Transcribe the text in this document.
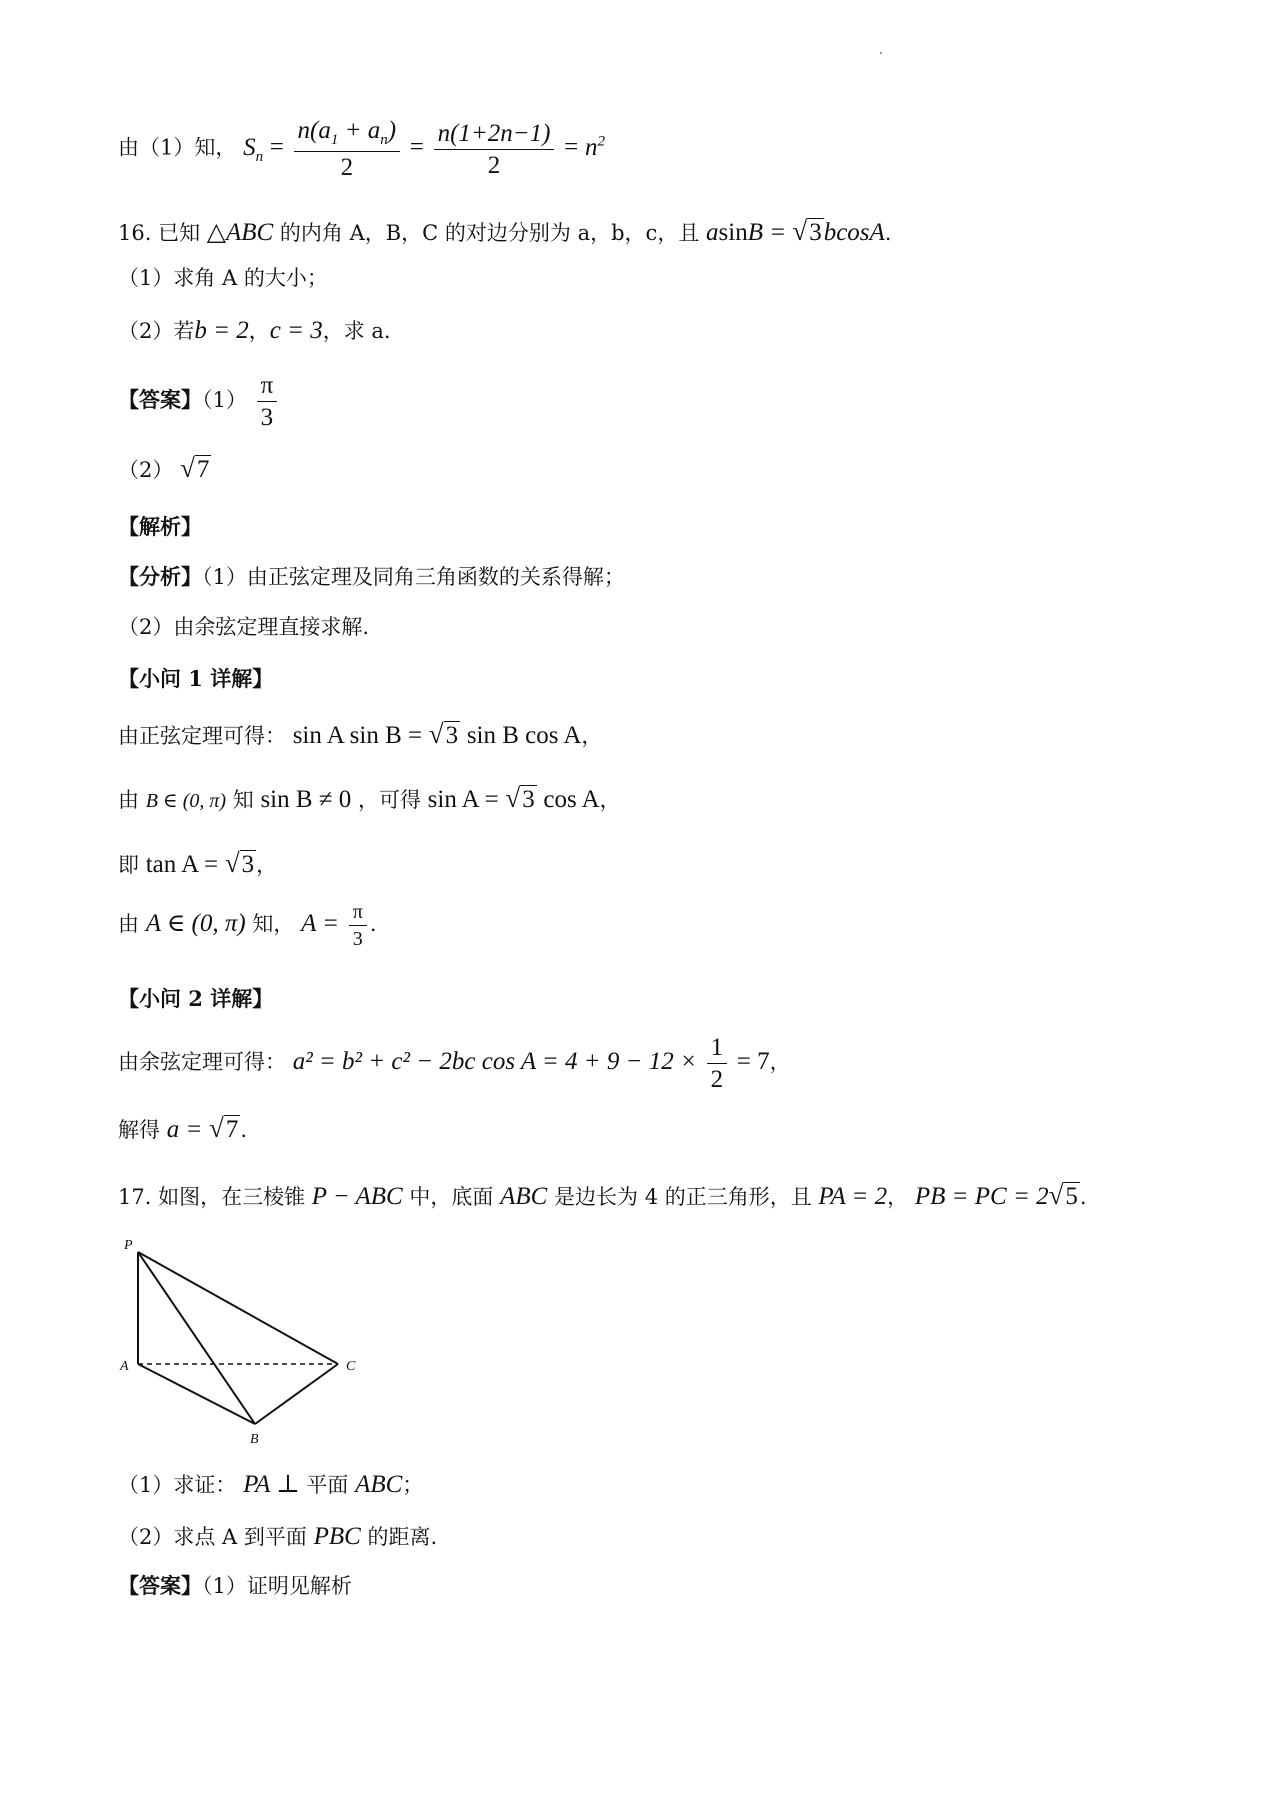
由（1）知， $S_n = \frac{n(a_1 + a_n)}{2} = \frac{n(1+2n-1)}{2} = n^2$
16. 已知 △ABC 的内角 A，B，C 的对边分别为 a，b，c，且 asinB = √3bcosA.
（1）求角 A 的大小；
（2）若b = 2，c = 3，求 a.
【答案】$(1) \frac{\pi}{3}$
（2） √7
【解析】
【分析】（1）由正弦定理及同角三角函数的关系得解；
（2）由余弦定理直接求解.
【小问 1 详解】
由正弦定理可得： sin A sin B = √3 sin B cos A，
由 B ∈ (0, π) 知 sin B ≠ 0 ，可得 sin A = √3 cos A，
即 tan A = √3，
由 A ∈ (0, π) 知， $A = \frac{\pi}{3}$ .
【小问 2 详解】
由余弦定理可得： a² = b² + c² − 2bc $\cos A = 4 + 9 - 12 \times \frac{1}{2} = 7$，
解得 a = √7.
17. 如图，在三棱锥 P − ABC 中，底面 ABC 是边长为 4 的正三角形，且 PA = 2， PB = PC = 2√5.
P
A	C
B
（1）求证： PA ⊥ 平面 ABC；
（2）求点 A 到平面 PBC 的距离.
【答案】（1）证明见解析
